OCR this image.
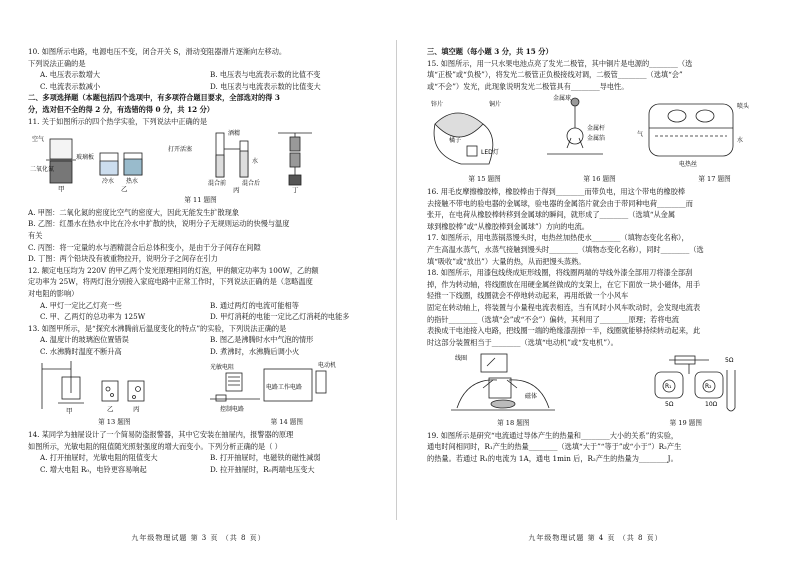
10. 如图所示电路，电源电压不变，闭合开关 S，滑动变阻器滑片逐渐向左移动。

下列说法正确的是

A. 电压表示数增大	B. 电压表与电流表示数的比值不变
C. 电流表示数减小	D. 电压表与电流表示数的比值变大

二、多项选择题（本题包括四个选项中，有多项符合题目要求，全部选对的得 3

分，选对但不全的得 2 分，有选错的得 0 分，共 12 分）

11. 关于如图所示的四个热学实验，下列说法中正确的是

空气
玻璃板
二氧化氮
冷水 热水
甲	乙
酒精
打开活塞
水
混合前	混合后
丙	丁

第 11 题图

A. 甲图：二氧化氮的密度比空气的密度大，因此无能发生扩散现象

B. 乙图：红墨水在热水中比在冷水中扩散的快，说明分子无规则运动的快慢与温度

有关

C. 丙图：将一定量的水与酒精混合后总体积变小，是由于分子间存在间隙

D. 丁图：两个铅块没有被重物拉开，说明分子之间存在引力

12. 额定电压均为 220V 的甲乙两个发光原理相同的灯泡，甲的额定功率为 100W，乙的额

定功率为 25W，将两灯泡分别接入家庭电路中正常工作时，下列说法正确的是（忽略温度

对电阻的影响）

A. 甲灯一定比乙灯亮一些	B. 通过两灯的电流可能相等
C. 甲、乙两灯的总功率为 125W	D. 甲灯消耗的电能一定比乙灯消耗的电能多

13. 如图甲所示，是“探究水沸腾前后温度变化的特点”的实验，下列说法正确的是

A. 温度计的玻璃泡位置错误	B. 图乙是沸腾时水中气泡的情形
C. 水沸腾时温度不断升高	D. 煮沸时，水沸腾后调小火
甲	乙	丙
电动机
光敏电阻
控制电路
电路工作电路

第 13 题图	第 14 题图

14. 某同学为抽屉设计了一个简易防盗报警器，其中它安装在抽屉内，报警器的原理

如图所示，光敏电阻的阻值随光照射强度的增大而变小。下列分析正确的是（ ）

A. 打开抽屉时，光敏电阻的阻值变大	B. 打开抽屉时，电磁铁的磁性减弱
C. 增大电阻 R₀，电铃更容易响起	D. 拉开抽屉时，R₀两端电压变大
九年级物理试题 第 3 页 （共 8 页）

三、填空题（每小题 3 分，共 15 分）

15. 如图所示，用一只水果电池点亮了发光二极管，其中铜片是电源的________（选

填“正极”或“负极”），将发光二极管正负极接线对调，二极管________（选填“会”

或“不会”）发光，此现象说明发光二极管具有________导电性。

锌片	铜片
橘子
LED灯
金属球
金属杆
金属箔
喷头
气
水
电热丝

第 15 题图	第 16 题图	第 17 题图

16. 用毛皮摩擦橡胶棒，橡胶棒由于得到________而带负电，用这个带电的橡胶棒

去接触不带电的验电器的金属球，验电器的金属箔片就会由于带同种电荷________而

张开，在电荷从橡胶棒转移到金属球的瞬间，就形成了________（选填“从金属

球到橡胶棒”或“从橡胶棒到金属球”）方向的电流。

17. 如图所示，用电蒸锅蒸馒头时，电热丝加热使水________（填物态变化名称），

产生高温水蒸气，水蒸气接触到馒头时________（填物态变化名称），同时________（选

填“吸收”或“放出”）大量的热，从而把馒头蒸熟。

18. 如图所示，用漆包线绕成矩形线圈，将线圈两端的导线外漆全部用刀将漆全部刮

掉，作为转动轴，将线圈放在用硬金属丝做成的支架上，在它下面放一块小磁体，用手

轻推一下线圈，线圈就会不停地转动起来，再用纸做一个小风车

固定在转动轴上，将装置与小量程电流表相连，当有风时小风车吹动时，会发现电流表

的指针________（选填“会”或“不会”）偏转，其利用了________原理；若将电流

表换成干电池接入电路，把线圈一端的绝缘漆刮掉一半，线圈就能够持续转动起来，此

时这部分装置相当于________（选填“电动机”或“发电机”）。

线圈
磁体
R₁	R₂
5Ω	10Ω
5Ω

第 18 题图	第 19 题图

19. 如图所示是研究“电流通过导体产生的热量和________大小的关系”的实验，

通电时间相同时，R₁产生的热量________（选填“大于”“等于”或“小于”）R₂产生

的热量。若通过 R₁的电流为 1A，通电 1min 后，R₂产生的热量为________J。

九年级物理试题 第 4 页 （共 8 页）
